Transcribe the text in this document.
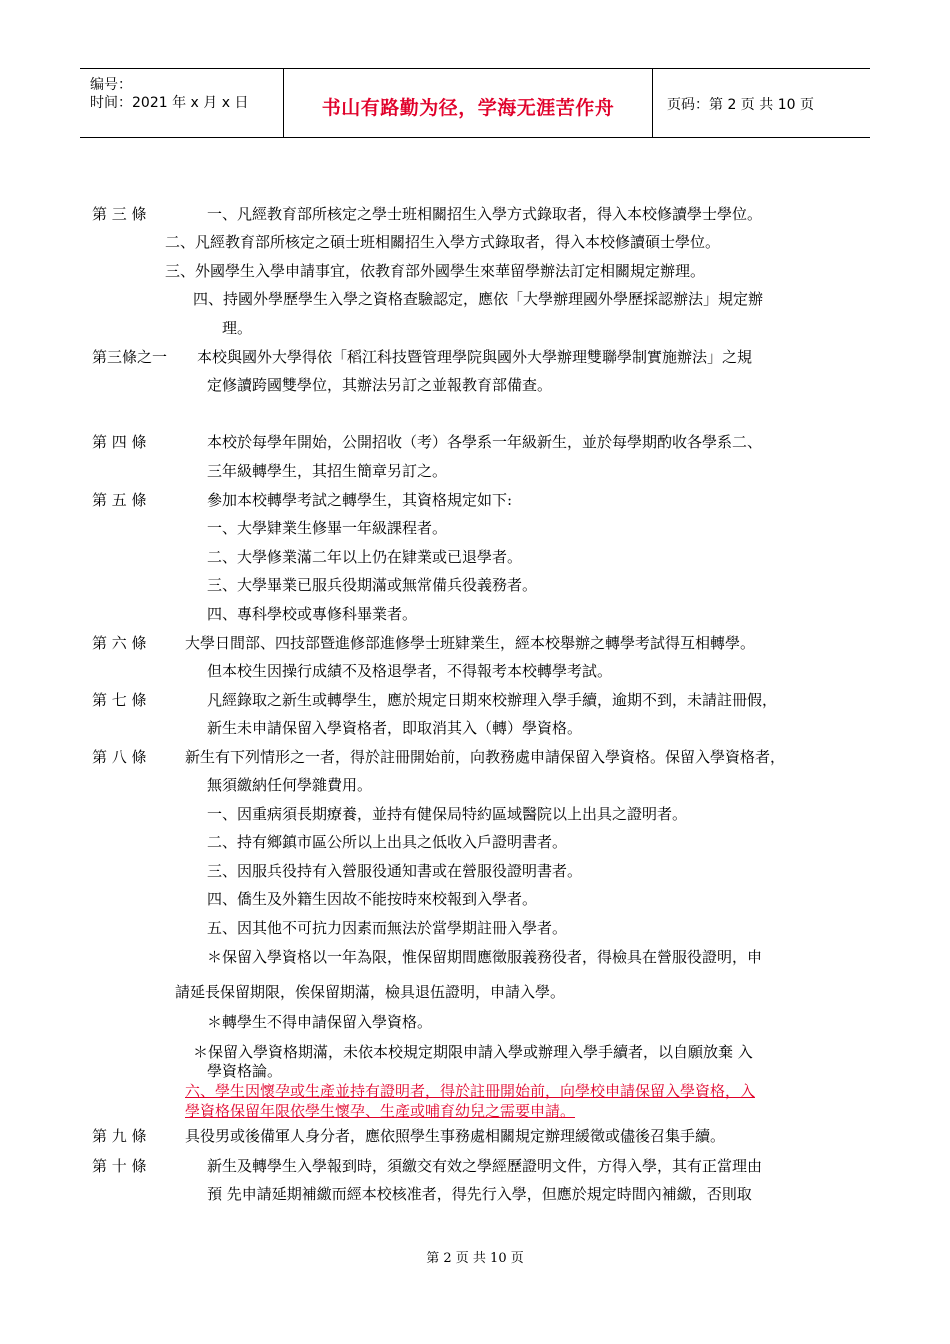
编号：
时间：2021 年 x 月 x 日	书山有路勤为径，学海无涯苦作舟	页码：第 2 页 共 10 页
第 三 條	一、凡經教育部所核定之學士班相關招生入學方式錄取者，得入本校修讀學士學位。
二、凡經教育部所核定之碩士班相關招生入學方式錄取者，得入本校修讀碩士學位。
三、外國學生入學申請事宜，依教育部外國學生來華留學辦法訂定相關規定辦理。
四、持國外學歷學生入學之資格查驗認定，應依「大學辦理國外學歷採認辦法」規定辦
理。
第三條之一 本校與國外大學得依「稻江科技暨管理學院與國外大學辦理雙聯學制實施辦法」之規
定修讀跨國雙學位，其辦法另訂之並報教育部備查。
第 四 條	本校於每學年開始，公開招收（考）各學系一年級新生，並於每學期酌收各學系二、
三年級轉學生，其招生簡章另訂之。
第 五 條	參加本校轉學考試之轉學生，其資格規定如下:
一、大學肄業生修畢一年級課程者。
二、大學修業滿二年以上仍在肄業或已退學者。
三、大學畢業已服兵役期滿或無常備兵役義務者。
四、專科學校或專修科畢業者。
第 六 條	大學日間部、四技部暨進修部進修學士班肄業生，經本校舉辦之轉學考試得互相轉學。
但本校生因操行成績不及格退學者，不得報考本校轉學考試。
第 七 條	凡經錄取之新生或轉學生，應於規定日期來校辦理入學手續，逾期不到，未請註冊假，
新生未申請保留入學資格者，即取消其入（轉）學資格。
第 八 條	新生有下列情形之一者，得於註冊開始前，向教務處申請保留入學資格。保留入學資格者，
無須繳納任何學雜費用。
一、因重病須長期療養，並持有健保局特約區域醫院以上出具之證明者。
二、持有鄉鎮市區公所以上出具之低收入戶證明書者。
三、因服兵役持有入營服役通知書或在營服役證明書者。
四、僑生及外籍生因故不能按時來校報到入學者。
五、因其他不可抗力因素而無法於當學期註冊入學者。
＊保留入學資格以一年為限，惟保留期間應徵服義務役者，得檢具在營服役證明，申
請延長保留期限，俟保留期滿，檢具退伍證明，申請入學。
＊轉學生不得申請保留入學資格。
＊保留入學資格期滿，未依本校規定期限申請入學或辦理入學手續者，以自願放棄 入
學資格論。
六、學生因懷孕或生產並持有證明者，得於註冊開始前，向學校申請保留入學資格，入
學資格保留年限依學生懷孕、生產或哺育幼兒之需要申請。
第 九 條	具役男或後備軍人身分者，應依照學生事務處相關規定辦理緩徵或儘後召集手續。
第 十 條	新生及轉學生入學報到時，須繳交有效之學經歷證明文件，方得入學，其有正當理由
預 先申請延期補繳而經本校核准者，得先行入學，但應於規定時間內補繳，否則取
第 2 页 共 10 页
